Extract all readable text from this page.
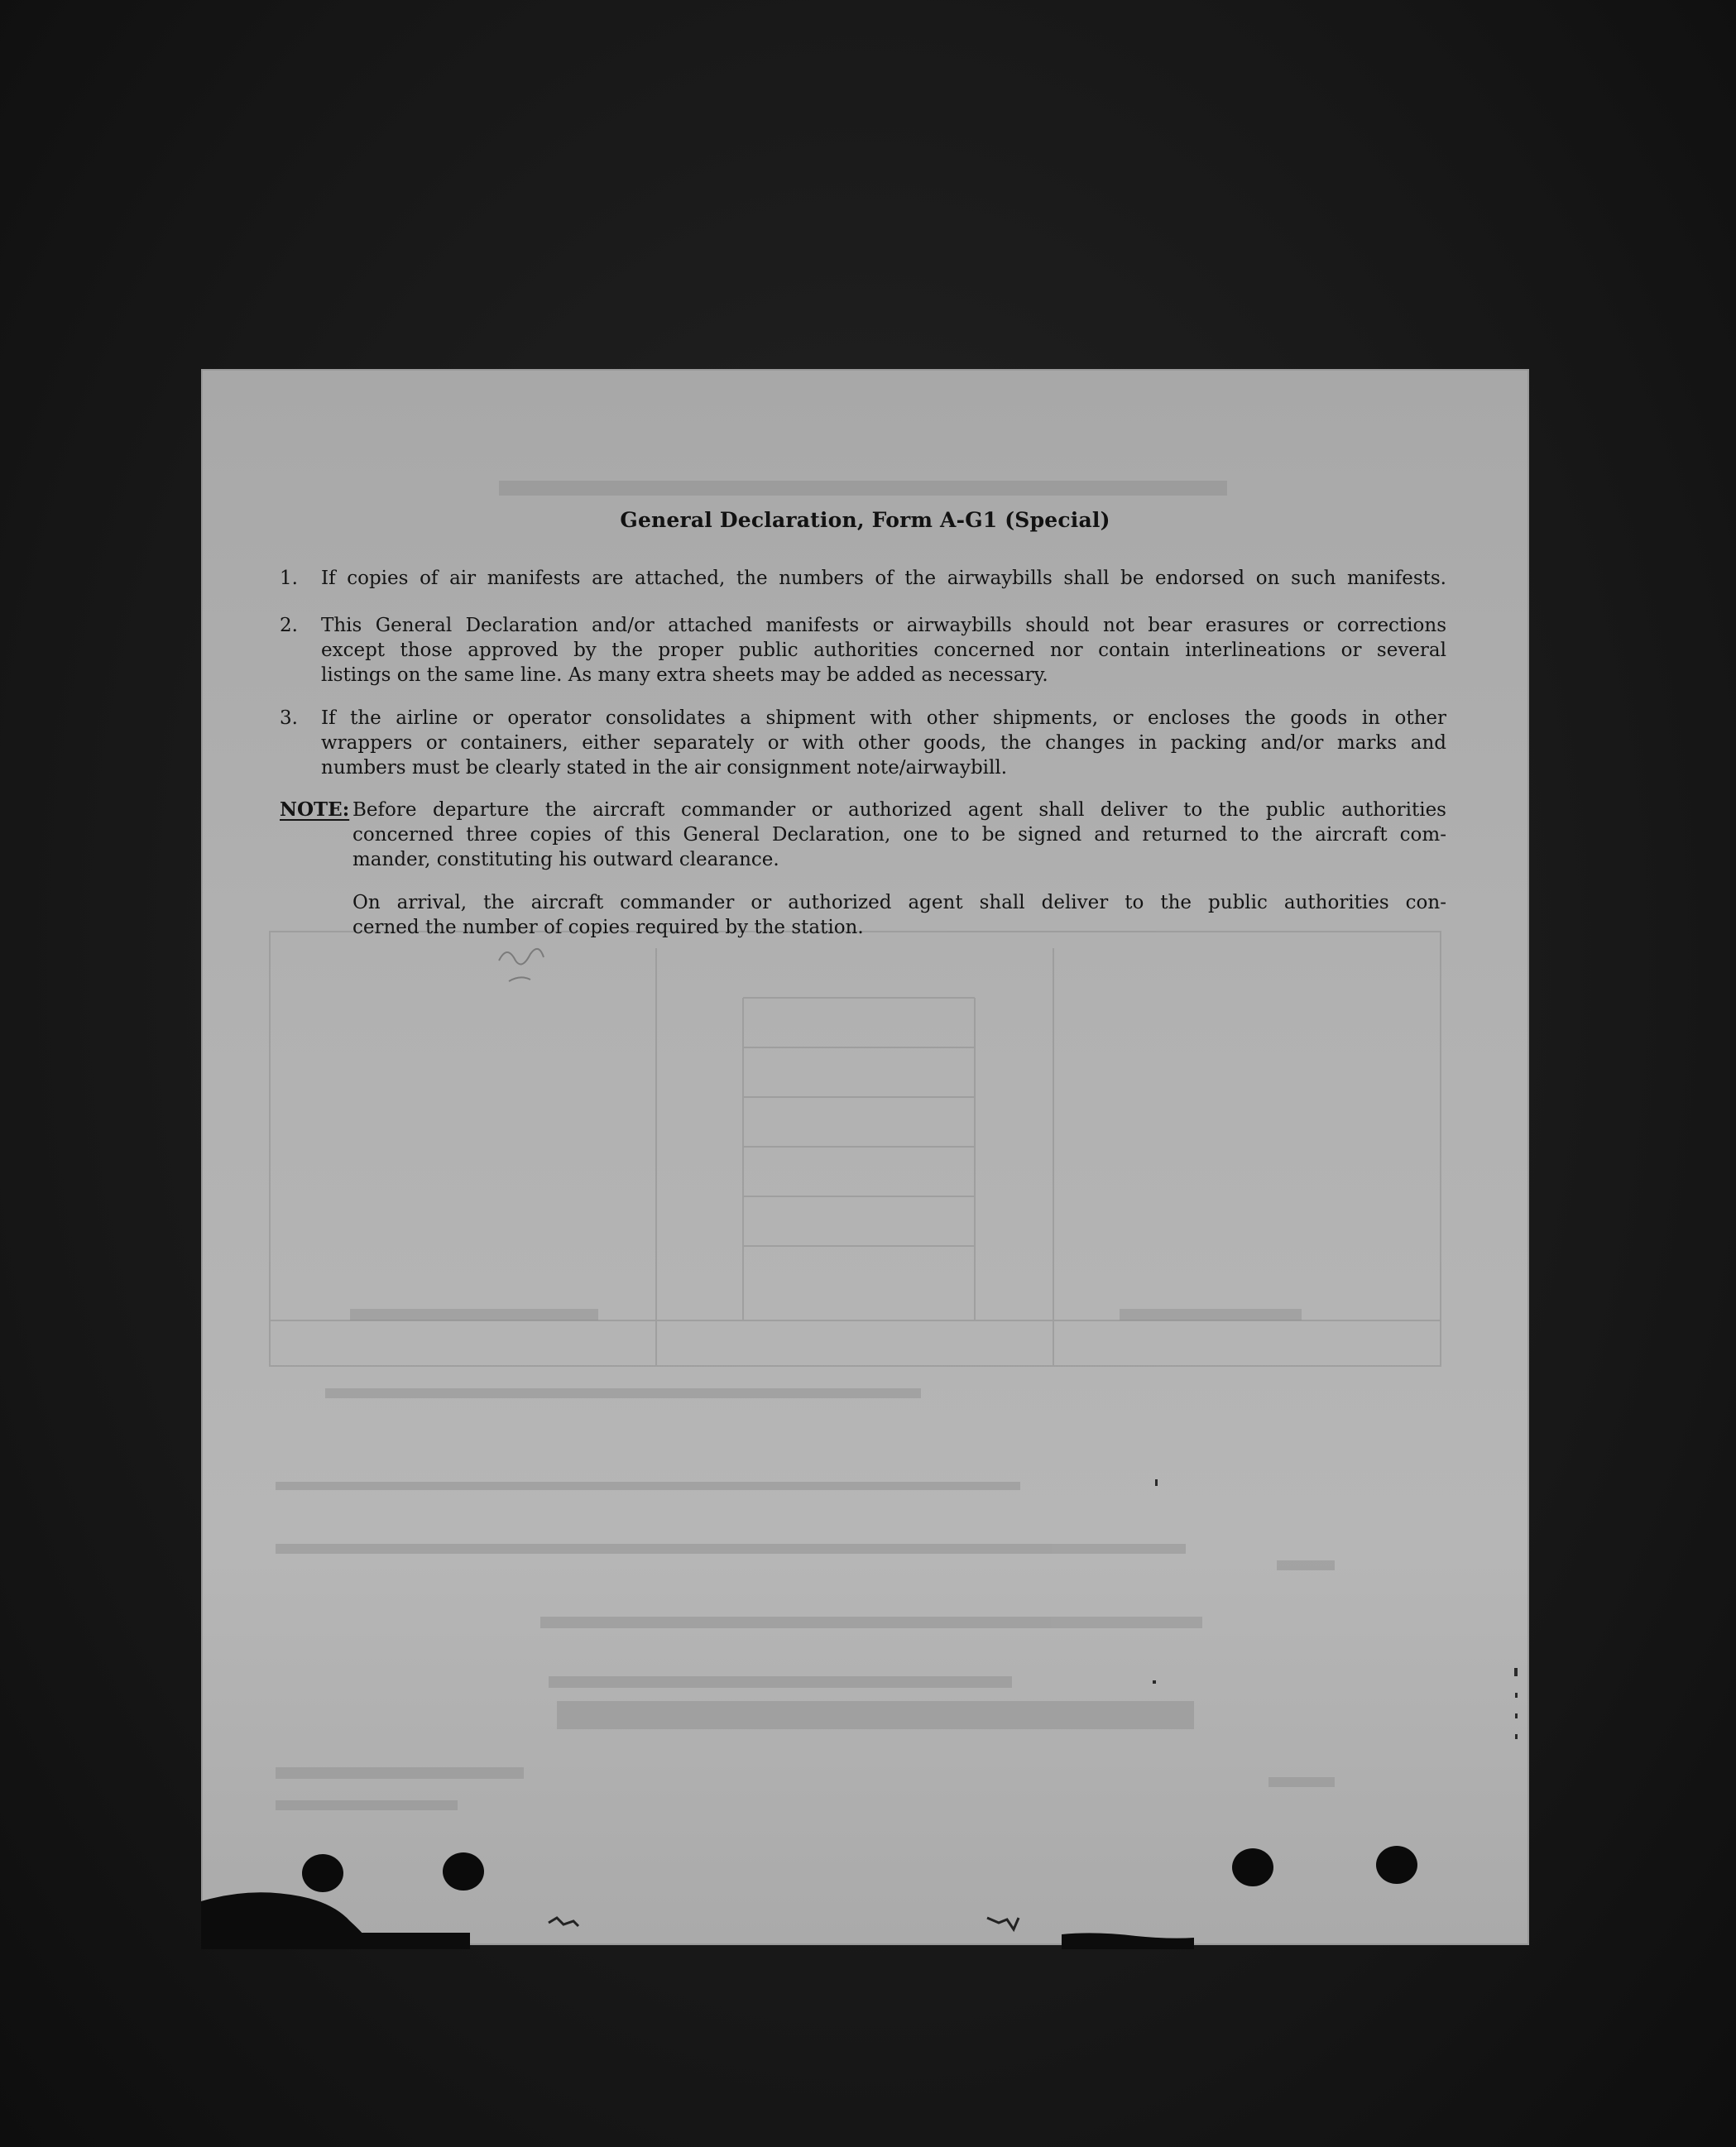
General Declaration, Form A-G1 (Special)
1.	If copies of air manifests are attached, the numbers of the airwaybills shall be endorsed on such manifests.
2.	This General Declaration and/or attached manifests or airwaybills should not bear erasures or corrections
except those approved by the proper public authorities concerned nor contain interlineations or several
listings on the same line. As many extra sheets may be added as necessary.
3.	If the airline or operator consolidates a shipment with other shipments, or encloses the goods in other
wrappers or containers, either separately or with other goods, the changes in packing and/or marks and
numbers must be clearly stated in the air consignment note/airwaybill.
NOTE: Before departure the aircraft commander or authorized agent shall deliver to the public authorities
concerned three copies of this General Declaration, one to be signed and returned to the aircraft com-
mander, constituting his outward clearance.
On arrival, the aircraft commander or authorized agent shall deliver to the public authorities con-
cerned the number of copies required by the station.
